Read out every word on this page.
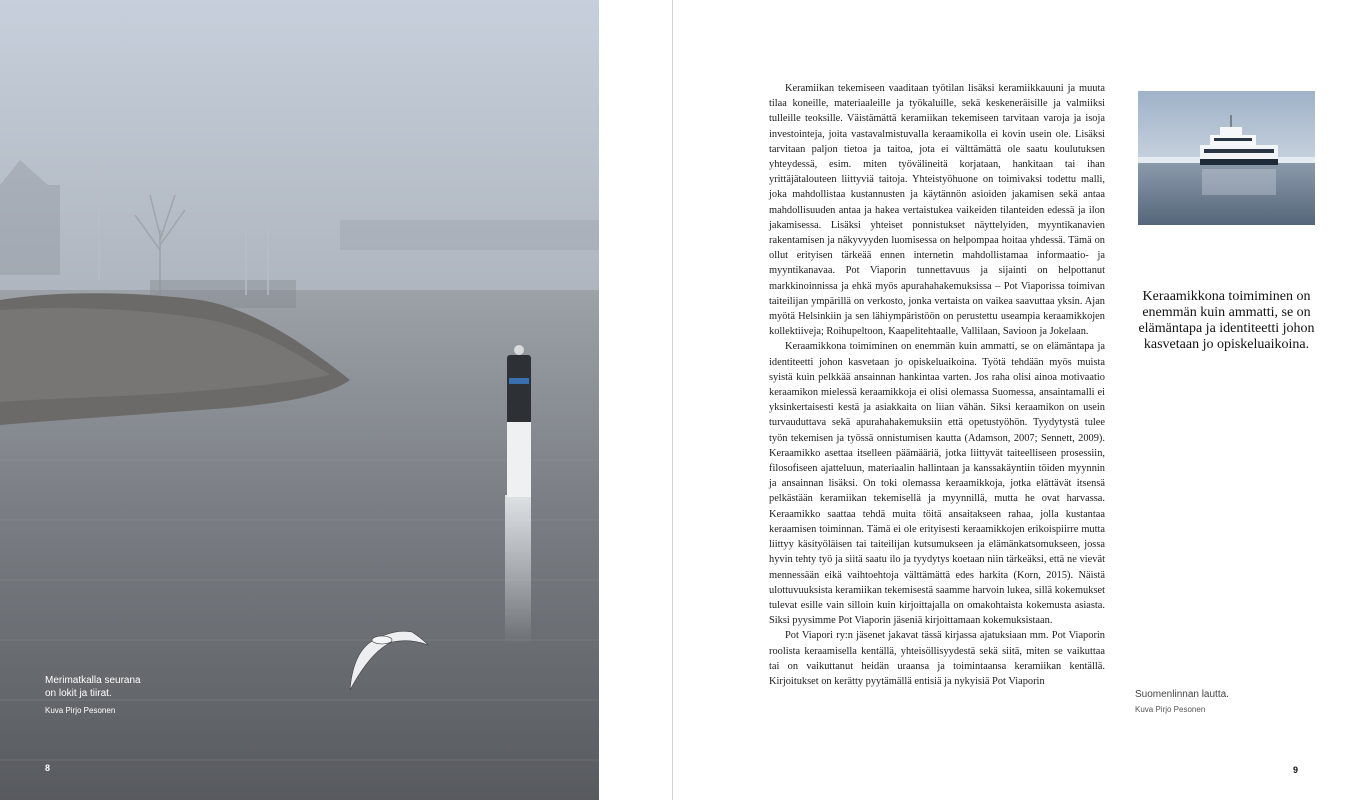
Merimatkalla seurana
on lokit ja tiirat.
Kuva Pirjo Pesonen
8

Keramiikan tekemiseen vaaditaan työtilan lisäksi keramiikkauuni ja muuta tilaa koneille, materiaaleille ja työkaluille, sekä keskeneräisille ja valmiiksi tulleille teoksille. Väistämättä keramiikan tekemiseen tarvitaan varoja ja isoja investointeja, joita vastavalmistuvalla keraamikolla ei kovin usein ole. Lisäksi tarvitaan paljon tietoa ja taitoa, jota ei välttämättä ole saatu koulutuksen yhteydessä, esim. miten työvälineitä korjataan, hankitaan tai ihan yrittäjätalouteen liittyviä taitoja. Yhteistyöhuone on toimivaksi todettu malli, joka mahdollistaa kustannusten ja käytännön asioiden jakamisen sekä antaa mahdollisuuden antaa ja hakea vertaistukea vaikeiden tilanteiden edessä ja ilon jakamisessa. Lisäksi yhteiset ponnistukset näyttelyiden, myyntikanavien rakentamisen ja näkyvyyden luomisessa on helpompaa hoitaa yhdessä. Tämä on ollut erityisen tärkeää ennen internetin mahdollistamaa informaatio- ja myyntikanavaa. Pot Viaporin tunnettavuus ja sijainti on helpottanut markkinoinnissa ja ehkä myös apurahahakemuksissa – Pot Viaporissa toimivan taiteilijan ympärillä on verkosto, jonka vertaista on vaikea saavuttaa yksin. Ajan myötä Helsinkiin ja sen lähiympäristöön on perustettu useampia keraamikkojen kollektiiveja; Roihupeltoon, Kaapelitehtaalle, Vallilaan, Savioon ja Jokelaan.

Keraamikkona toimiminen on enemmän kuin ammatti, se on elämäntapa ja identiteetti johon kasvetaan jo opiskeluaikoina. Työtä tehdään myös muista syistä kuin pelkkää ansainnan hankintaa varten. Jos raha olisi ainoa motivaatio keraamikon mielessä keraamikkoja ei olisi olemassa Suomessa, ansaintamalli ei yksinkertaisesti kestä ja asiakkaita on liian vähän. Siksi keraamikon on usein turvauduttava sekä apurahahakemuksiin että opetustyöhön. Tyydytystä tulee työn tekemisen ja työssä onnistumisen kautta (Adamson, 2007; Sennett, 2009). Keraamikko asettaa itselleen päämääriä, jotka liittyvät taiteelliseen prosessiin, filosofiseen ajatteluun, materiaalin hallintaan ja kanssakäyntiin töiden myynnin ja ansainnan lisäksi. On toki olemassa keraamikkoja, jotka elättävät itsensä pelkästään keramiikan tekemisellä ja myynnillä, mutta he ovat harvassa. Keraamikko saattaa tehdä muita töitä ansaitakseen rahaa, jolla kustantaa keraamisen toiminnan. Tämä ei ole erityisesti keraamikkojen erikoispiirre mutta liittyy käsityöläisen tai taiteilijan kutsumukseen ja elämänkatsomukseen, jossa hyvin tehty työ ja siitä saatu ilo ja tyydytys koetaan niin tärkeäksi, että ne vievät mennessään eikä vaihtoehtoja välttämättä edes harkita (Korn, 2015). Näistä ulottuvuuksista keramiikan tekemisestä saamme harvoin lukea, sillä kokemukset tulevat esille vain silloin kuin kirjoittajalla on omakohtaista kokemusta asiasta. Siksi pyysimme Pot Viaporin jäseniä kirjoittamaan kokemuksistaan.

Pot Viapori ry:n jäsenet jakavat tässä kirjassa ajatuksiaan mm. Pot Viaporin roolista keraamisella kentällä, yhteisöllisyydestä sekä siitä, miten se vaikuttaa tai on vaikuttanut heidän uraansa ja toimintaansa keramiikan kentällä. Kirjoitukset on kerätty pyytämällä entisiä ja nykyisiä Pot Viaporin

Keraamikkona toimiminen on enemmän kuin ammatti, se on elämäntapa ja identiteetti johon kasvetaan jo opiskeluaikoina.
Suomenlinnan lautta.
Kuva Pirjo Pesonen
9
